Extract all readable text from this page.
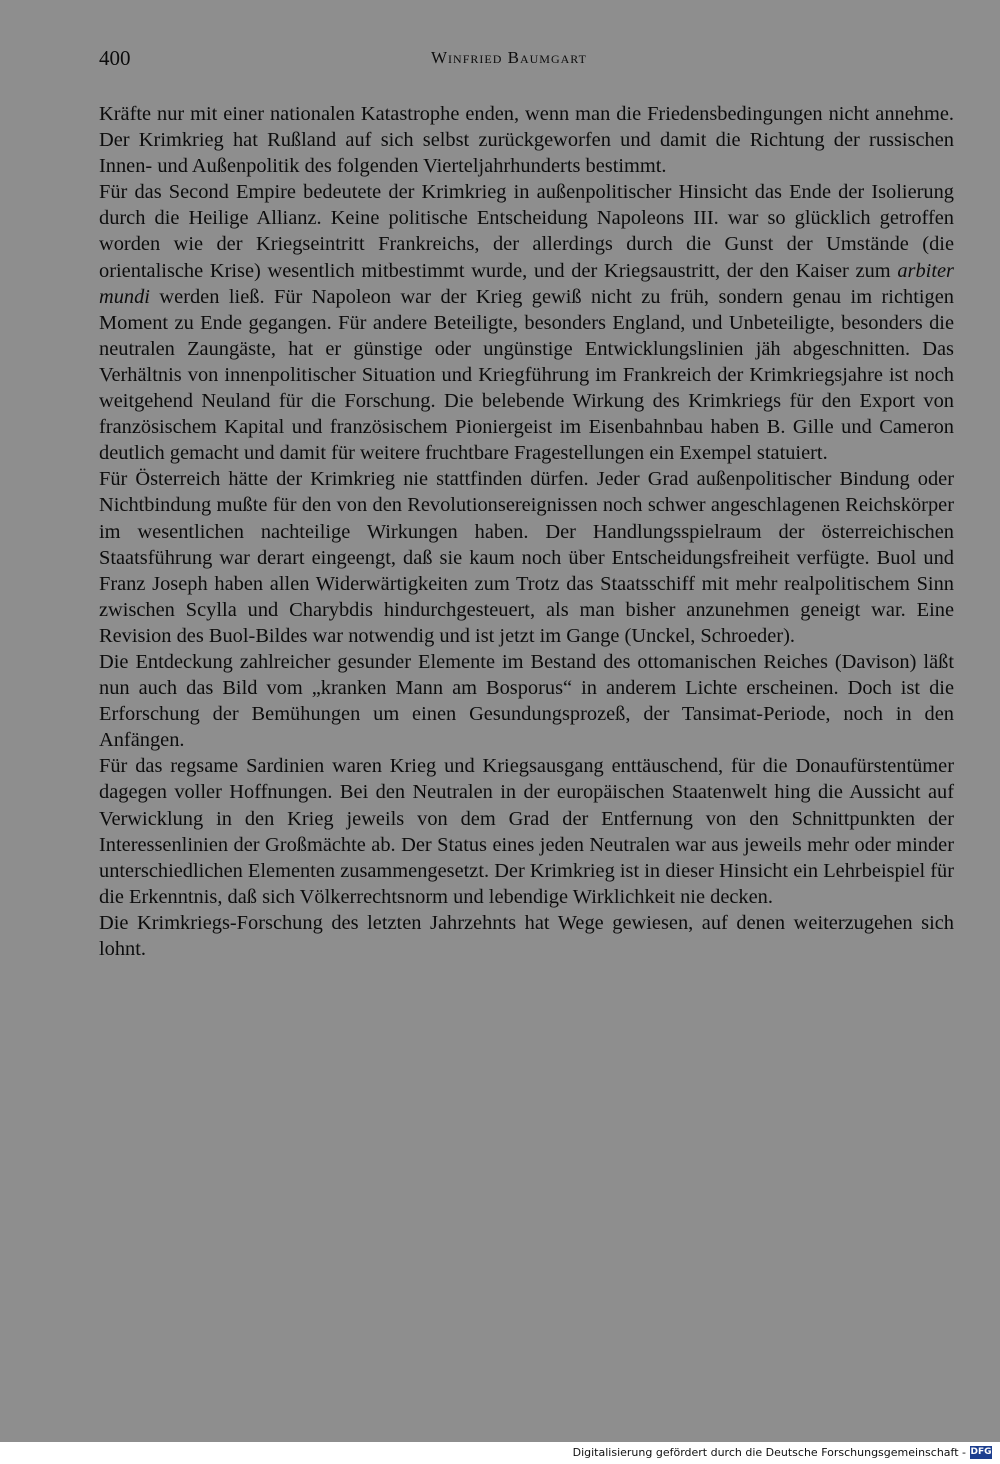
400	Winfried Baumgart

Kräfte nur mit einer nationalen Katastrophe enden, wenn man die Friedensbedingungen nicht annehme. Der Krimkrieg hat Rußland auf sich selbst zurückgeworfen und damit die Richtung der russischen Innen- und Außenpolitik des folgenden Vierteljahrhunderts bestimmt.

Für das Second Empire bedeutete der Krimkrieg in außenpolitischer Hinsicht das Ende der Isolierung durch die Heilige Allianz. Keine politische Entscheidung Napoleons III. war so glücklich getroffen worden wie der Kriegseintritt Frankreichs, der allerdings durch die Gunst der Umstände (die orientalische Krise) wesentlich mitbestimmt wurde, und der Kriegsaustritt, der den Kaiser zum arbiter mundi werden ließ. Für Napoleon war der Krieg gewiß nicht zu früh, sondern genau im richtigen Moment zu Ende gegangen. Für andere Beteiligte, besonders England, und Unbeteiligte, besonders die neutralen Zaungäste, hat er günstige oder ungünstige Entwicklungslinien jäh abgeschnitten. Das Verhältnis von innenpolitischer Situation und Kriegführung im Frankreich der Krimkriegsjahre ist noch weitgehend Neuland für die Forschung. Die belebende Wirkung des Krimkriegs für den Export von französischem Kapital und französischem Pioniergeist im Eisenbahnbau haben B. Gille und Cameron deutlich gemacht und damit für weitere fruchtbare Fragestellungen ein Exempel statuiert.

Für Österreich hätte der Krimkrieg nie stattfinden dürfen. Jeder Grad außenpolitischer Bindung oder Nichtbindung mußte für den von den Revolutionsereignissen noch schwer angeschlagenen Reichskörper im wesentlichen nachteilige Wirkungen haben. Der Handlungsspielraum der österreichischen Staatsführung war derart eingeengt, daß sie kaum noch über Entscheidungsfreiheit verfügte. Buol und Franz Joseph haben allen Widerwärtigkeiten zum Trotz das Staatsschiff mit mehr realpolitischem Sinn zwischen Scylla und Charybdis hindurchgesteuert, als man bisher anzunehmen geneigt war. Eine Revision des Buol-Bildes war notwendig und ist jetzt im Gange (Unckel, Schroeder).

Die Entdeckung zahlreicher gesunder Elemente im Bestand des ottomanischen Reiches (Davison) läßt nun auch das Bild vom „kranken Mann am Bosporus“ in anderem Lichte erscheinen. Doch ist die Erforschung der Bemühungen um einen Gesundungsprozeß, der Tansimat-Periode, noch in den Anfängen.

Für das regsame Sardinien waren Krieg und Kriegsausgang enttäuschend, für die Donaufürstentümer dagegen voller Hoffnungen. Bei den Neutralen in der europäischen Staatenwelt hing die Aussicht auf Verwicklung in den Krieg jeweils von dem Grad der Entfernung von den Schnittpunkten der Interessenlinien der Großmächte ab. Der Status eines jeden Neutralen war aus jeweils mehr oder minder unterschiedlichen Elementen zusammengesetzt. Der Krimkrieg ist in dieser Hinsicht ein Lehrbeispiel für die Erkenntnis, daß sich Völkerrechtsnorm und lebendige Wirklichkeit nie decken.

Die Krimkriegs-Forschung des letzten Jahrzehnts hat Wege gewiesen, auf denen weiterzugehen sich lohnt.

Digitalisierung gefördert durch die Deutsche Forschungsgemeinschaft - DFG
